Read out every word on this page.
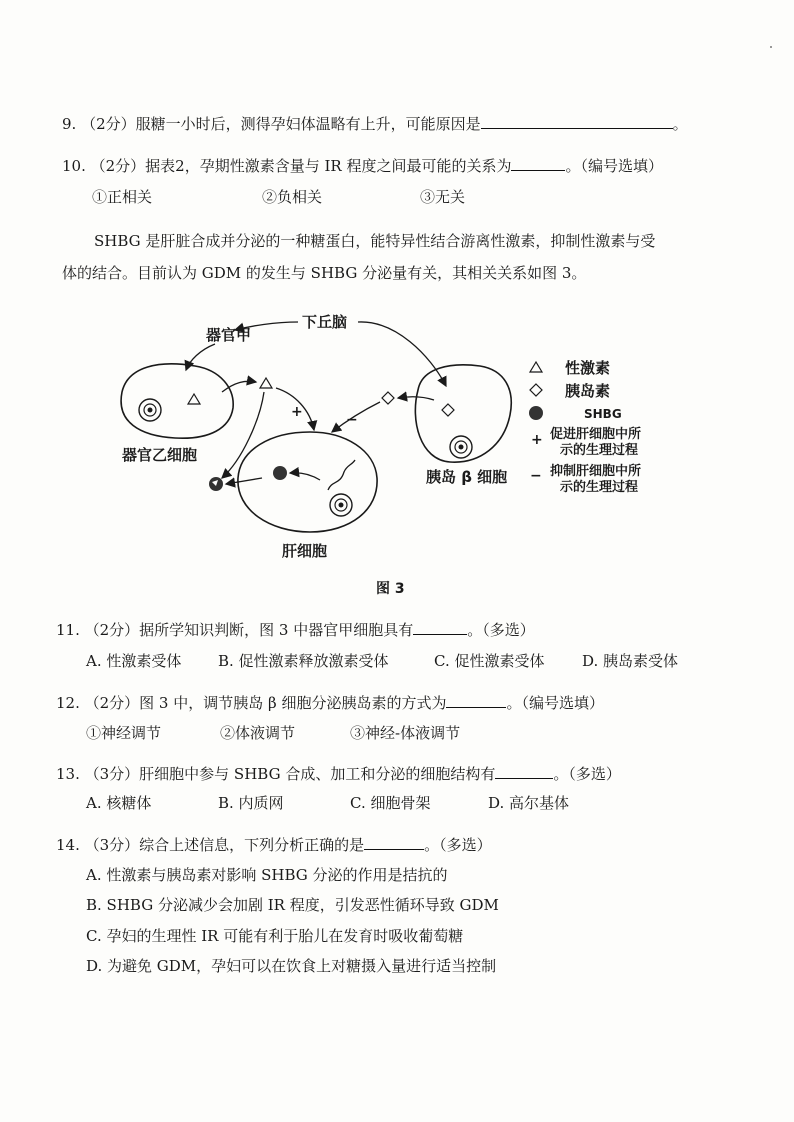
9. （2分）服糖一小时后，测得孕妇体温略有上升，可能原因是	。
10. （2分）据表2，孕期性激素含量与 IR 程度之间最可能的关系为	。（编号选填）
①正相关	②负相关	③无关
SHBG 是肝脏合成并分泌的一种糖蛋白，能特异性结合游离性激素，抑制性激素与受
体的结合。目前认为 GDM 的发生与 SHBG 分泌量有关，其相关关系如图 3。
下丘脑
器官甲
器官乙细胞
胰岛 β 细胞
肝细胞
+	−
性激素
胰岛素
SHBG
+ 促进肝细胞中所
示的生理过程
− 抑制肝细胞中所
示的生理过程
图 3
11. （2分）据所学知识判断，图 3 中器官甲细胞具有	。（多选）
A. 性激素受体 B. 促性激素释放激素受体	C. 促性激素受体	D. 胰岛素受体
12. （2分）图 3 中，调节胰岛 β 细胞分泌胰岛素的方式为	。（编号选填）
①神经调节	②体液调节	③神经-体液调节
13. （3分）肝细胞中参与 SHBG 合成、加工和分泌的细胞结构有	。（多选）
A. 核糖体	B. 内质网	C. 细胞骨架	D. 高尔基体
14. （3分）综合上述信息，下列分析正确的是	。（多选）
A. 性激素与胰岛素对影响 SHBG 分泌的作用是拮抗的
B. SHBG 分泌减少会加剧 IR 程度，引发恶性循环导致 GDM
C. 孕妇的生理性 IR 可能有利于胎儿在发育时吸收葡萄糖
D. 为避免 GDM，孕妇可以在饮食上对糖摄入量进行适当控制
